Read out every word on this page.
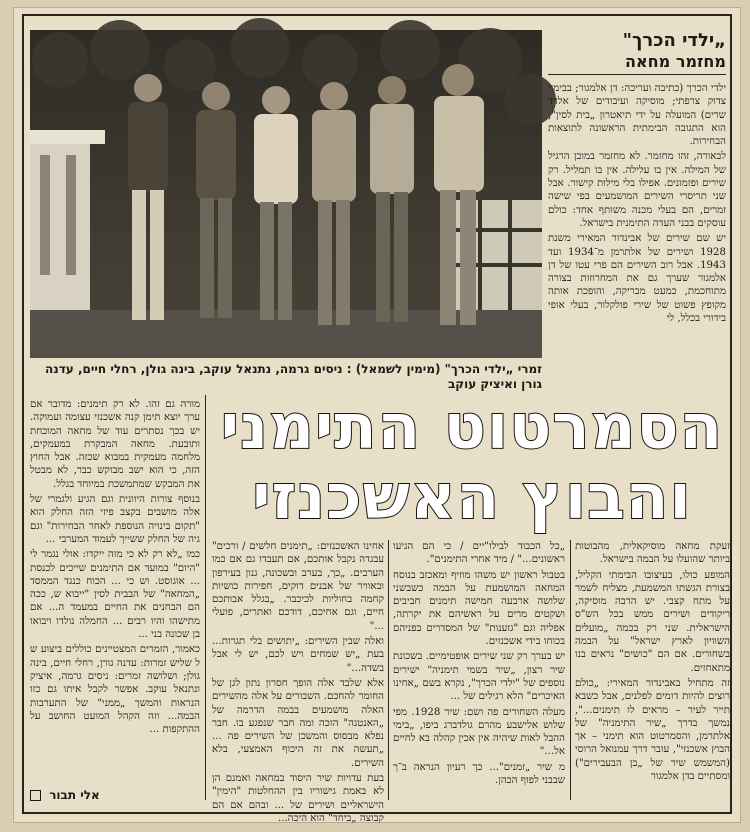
זמרי „ילדי הכרך" (מימין לשמאל) : ניסים גרמה, נתנאל עוקב, בינה גולן, רחלי חיים, עדנה גורן ואיציק עוקב
„ילדי הכרך"
מחזמר מחאה

ילדי הכרך (כתיבה ועריכה: דן אלמגור; בבימוי צדוק צרפתי; מוסיקה ועיבודים של אלדד שרים) המועלה על ידי תיאטרון „בית לסין", הוא התגובה הבימתית הראשונה לתוצאות הבחירות.

לבאורה, זהו מחזמר. לא מחזמר במובן הרגיל של המילה. אין בו עלילה. אין בו תמליל. רק שירים ופזמונים. אפילו בלי מילות קישור. אבל שני תריסרי השירים המושמעים בפי שישה זמרים, הם בעלי מכנה משותף אחד: כולם עוסקים בבני העדה התימנית בישראל.

יש שם שירים של אבינדור המאירי משנת 1928 ושירים של אלתרמן מ־1934 ועד 1943. אבל רוב השירים הם פרי עטו של דן אלמגור שערך גם את המחרוזות בצורה מתוחכמת, כמעט מבריקה, והופכת אותה מקופץ פשוט של שירי פולקלור, בעלי אופי בידורי בכלל, לי

מורה גם זהו. לא רק תימנים: מדובר אם ערך יוצא תימן קנה אשכנזי עצומה ועמוקה. יש בכך נסתרים עוד של מחאה המוכחת ותובעת. מחאה המבקרת במעמקים, מלחמה מעמקית במבוא שכזה. אבל החוץ הזה, כי הוא ישב מבוקש כבר, לא מבטל את המבקש שמתמשכת במיוחד בגלל.

בנוסף צורות היוונית וגם הגיע ולגמרי של אלה מושבים בקצב פיזי הזה החלק הוא "תקום בינויה הנוספת לאחר הבחירות" וגם גיה של החלק ששייך לעמוד המערבי ...

כמו „לא רק לא כי מזה ייקדו: אולי נגמר לי "היום" במועד אם התימנים שייכים לכנסת ... אוגוסט. וש כי ... הכוח כנגד הממסד „המחאה" של הבבית לסין "ייבוא ש, ככה הם הבחנים את החיים במעמד ה... אם מתישהו והיו רבים ... החמלה נולדו ויבואו בן שכונה בני ...

כאמור, הזמרים המצטיינים כוללים ביצוע ש ל שליש זמרות: עדנה גורן, רחלי חיים, בינה גולן; ושלושה זמרים: ניסים גרמה, איציק ונתנאל עוקב. אפשר לקבל איתו גם כזו הנראות והמשך „ממני" של התערבות הבמה... וזה הקהל המועט החושב על ההתקפות ...

הסמרטוט התימני
והבוץ האשכנזי

זעקת מחאה מוסיקאלית, מהבוטות ביותר שהועלו על הבמה בישראל.

המופע כולו, בעיצובו הבימתי הקליל, בצורת הגשתו המשמעת, מצליח לשמר על מתח קצבי. יש הרבה מוסיקה, ריקודים ושירים ממש בכל הש"ס הישראלית. שני רק בכמה „מועלים השוויון לארץ ישראל" על הבמה בשחורים. אם הם "כושים" נראים בנו מתאחזים.

זה מתחיל באבינדור המאירי: „כולם רוצים להיות דומים לפלנים, אבל כשבא תייר לעיר – מראים לו תימנים...", נמשך בדרך „שיר התימניה" של אלתרמן, והסמרטוט הוא תימני – אך הבוץ אשכנזי", עובר דרך עמנואל הרוסי (המשמש שיר של „בן הבעבירים") ומסתיים בדן אלמגור

„כל הכבוד לבילו"יים / כי הם הגיעו ראשונים..." / מיד אחרי התימנים".

בטבול ראשון יש משהו מוזיף ומאכזב בנוסח המחאה המושמעת על הבמה כשבשני שלושה ארבעה חמישה תימנים חביבים ושקטים מרים על ראשיהם את יקרתה, אפליה וגם "גזענות" של המסדרים בפניהם בכוחו בידי אשכנזים.

יש בערך רק שני שירים אופטימיים. בשכונת שיר רצון, „שיר בשמי תימניה" ישירים נוספים של "ילדי הכרך", נקרא בשם „אחינו האיכרים" הלא רגילים של ...

מעלה השחורים פה ושם: שיר 1928. מפי שלוש אלישבע מהרם גולדברג ביפו, „בימי ההבל לאות שיהיה אין אכין קהלה בא לחיים אל..."

מ שיר „זמנים"... כך רעיון הנראה ב־ך שבבני לפוף הכהן.

אחינו האשכנזים: „תימנים חלשים / ורכים" עבגדה נקבל אותכם, אם תעבדו גם אם כמו הערבים. „כך, בערב ובשכונה, גנון בעירפון ובאוויר של אבנים דוקים, חפירות כושיות קחמה בחוליות לכיכבר. „בגלל אבותכם חיים, וגם אחיכם, דודכם ואתרים, פועלי ..."

ואלה שבין השירים: „יתושים בלי תגרות... בעת „יש שמחים ויש לכם, יש לי אבל בשדה..."

אלא שלבד אלה הופך חסרון נתון לגן של החומר להחכם. השבורים על אלה מהשירים האלה מושמעים בבמה הדרמה של „האנטנה" הזכה ומה חבר שנפגע בו. חבר נפלא מבסוס והמשכן של השירים פה ... „תעשה את זה היכוף האמצעי, בלא השירים.

בעת עדויות שיר היסוד במחאה ואמנם הן לא באמת גישוריו בין ההחלטות "הימין" הישראליים ושירים של ... ובהם אם הם קבוצה „ביחד" הוא היכה...

אלי תבור
